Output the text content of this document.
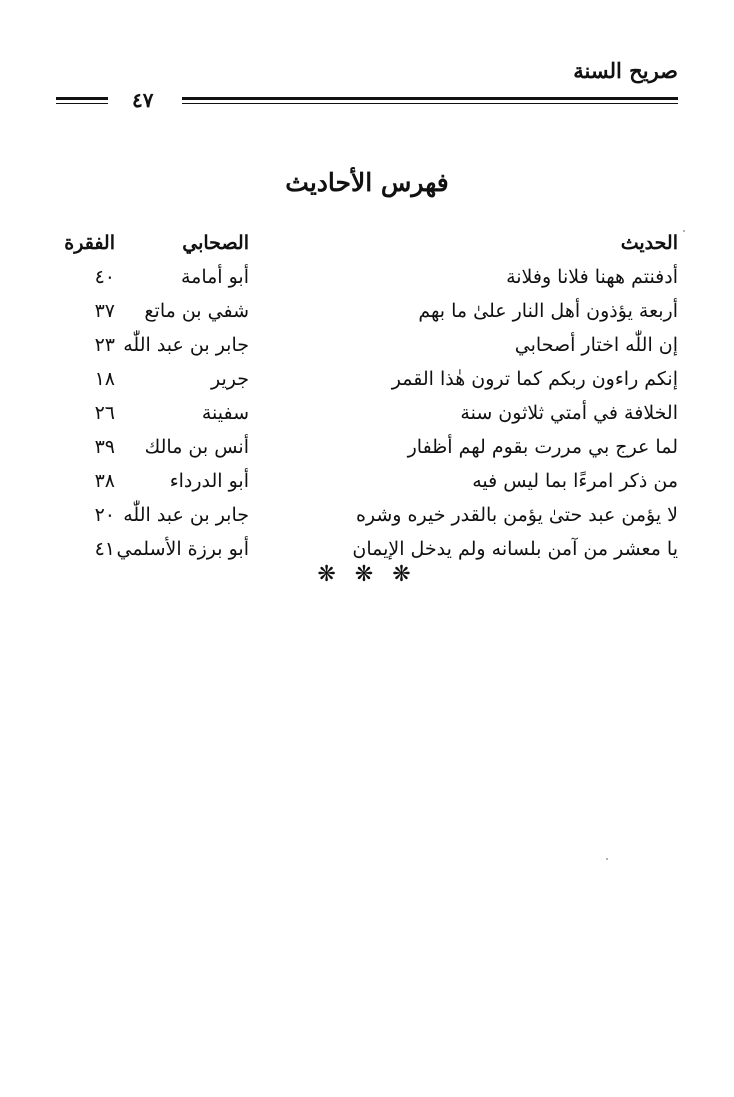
صريح السنة
٤٧
فهرس الأحاديث
الحديث
الصحابي
الفقرة
أدفنتم ههنا فلانا وفلانة
أبو أمامة
٤٠
أربعة يؤذون أهل النار علىٰ ما بهم
شفي بن ماتع
٣٧
إن اللّٰه اختار أصحابي
جابر بن عبد اللّٰه
٢٣
إنكم راءون ربكم كما ترون هٰذا القمر
جرير
١٨
الخلافة في أمتي ثلاثون سنة
سفينة
٢٦
لما عرج بي مررت بقوم لهم أظفار
أنس بن مالك
٣٩
من ذكر امرءًا بما ليس فيه
أبو الدرداء
٣٨
لا يؤمن عبد حتىٰ يؤمن بالقدر خيره وشره
جابر بن عبد اللّٰه
٢٠
يا معشر من آمن بلسانه ولم يدخل الإيمان
أبو برزة الأسلمي
٤١
❋ ❋ ❋
